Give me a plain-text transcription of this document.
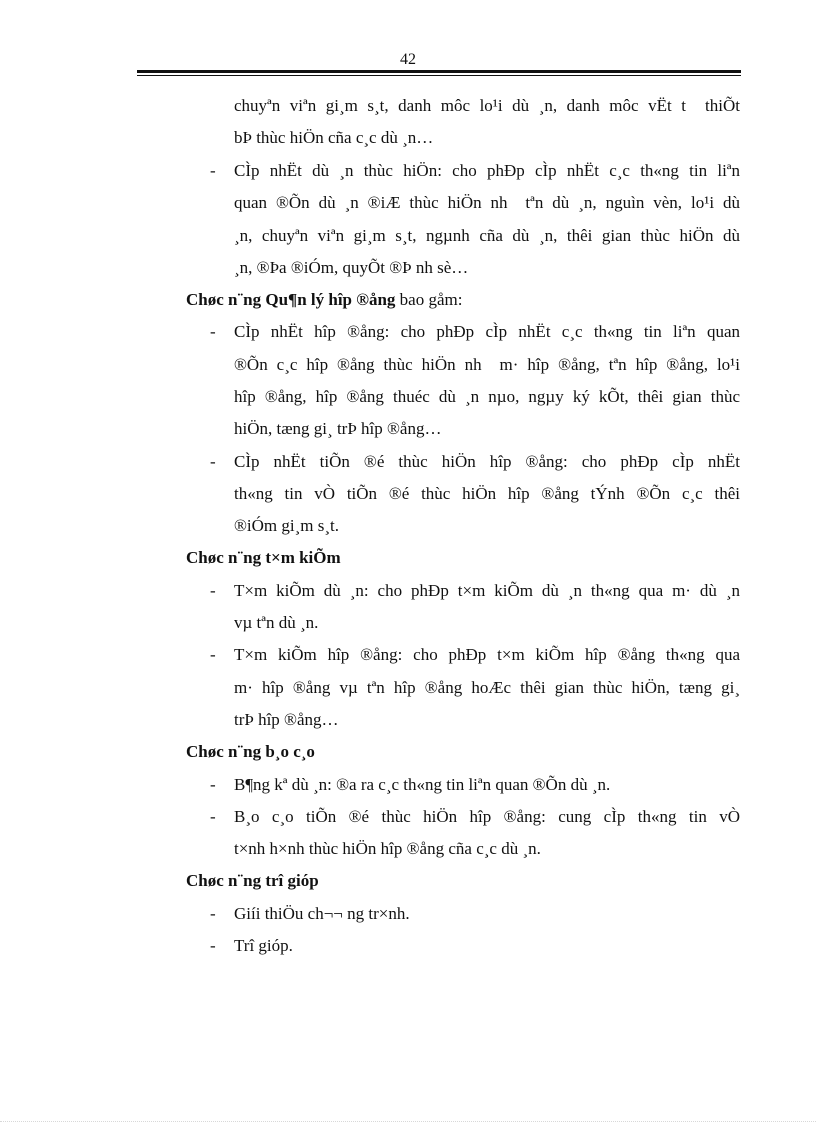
42
chuyªn viªn gi¸m s¸t, danh môc lo¹i dù ¸n, danh môc vËt t  thiÕt
bÞ thùc hiÖn cña c¸c dù ¸n…
- CÌp nhËt dù ¸n thùc hiÖn: cho phÐp cÌp nhËt c¸c th«ng tin liªn
quan ®Õn dù ¸n ®iÆ thùc hiÖn nh  tªn dù ¸n, nguìn vèn, lo¹i dù
¸n, chuyªn viªn gi¸m s¸t, ngµnh cña dù ¸n, thêi gian thùc hiÖn dù
¸n, ®Þa ®iÓm, quyÕt ®Þ nh sè…
Chøc n¨ng Qu¶n lý hîp ®ång bao gåm:
- CÌp nhËt hîp ®ång: cho phÐp cÌp nhËt c¸c th«ng tin liªn quan
®Õn c¸c hîp ®ång thùc hiÖn nh  m· hîp ®ång, tªn hîp ®ång, lo¹i
hîp ®ång, hîp ®ång thuéc dù ¸n nµo, ngµy ký kÕt, thêi gian thùc
hiÖn, tæng gi¸ trÞ hîp ®ång…
- CÌp nhËt tiÕn ®é thùc hiÖn hîp ®ång: cho phÐp cÌp nhËt
th«ng tin vÒ tiÕn ®é thùc hiÖn hîp ®ång tÝnh ®Õn c¸c thêi
®iÓm gi¸m s¸t.
Chøc n¨ng t×m kiÕm
- T×m kiÕm dù ¸n: cho phÐp t×m kiÕm dù ¸n th«ng qua m· dù ¸n
vµ tªn dù ¸n.
- T×m kiÕm hîp ®ång: cho phÐp t×m kiÕm hîp ®ång th«ng qua
m· hîp ®ång vµ tªn hîp ®ång hoÆc thêi gian thùc hiÖn, tæng gi¸
trÞ hîp ®ång…
Chøc n¨ng b¸o c¸o
- B¶ng kª dù ¸n: ®a ra c¸c th«ng tin liªn quan ®Õn dù ¸n.
- B¸o c¸o tiÕn ®é thùc hiÖn hîp ®ång: cung cÌp th«ng tin vÒ
t×nh h×nh thùc hiÖn hîp ®ång cña c¸c dù ¸n.
Chøc n¨ng trî gióp
- Giíi thiÖu ch¬¬ ng tr×nh.
- Trî gióp.
